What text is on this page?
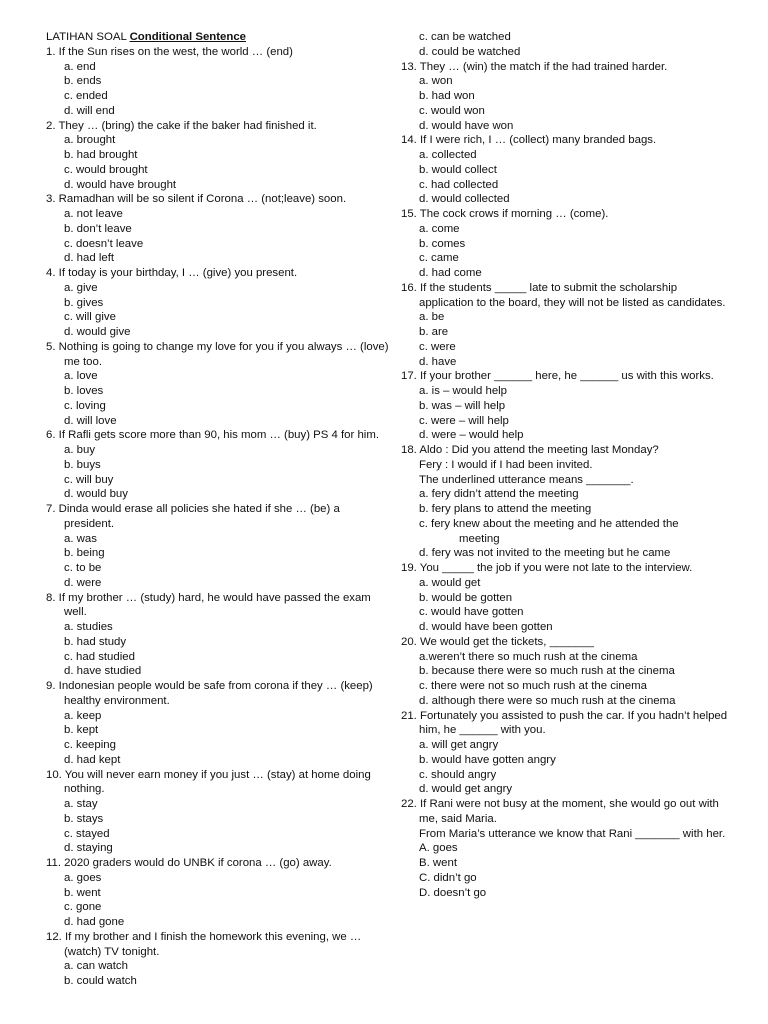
LATIHAN SOAL Conditional Sentence
1. If the Sun rises on the west, the world … (end)
a. end
b. ends
c. ended
d. will end
2. They … (bring) the cake if the baker had finished it.
a. brought
b. had brought
c. would brought
d. would have brought
3. Ramadhan will be so silent if Corona … (not;leave) soon.
a. not leave
b. don’t leave
c. doesn’t leave
d. had left
4. If today is your birthday, I … (give) you present.
a. give
b. gives
c. will give
d. would give
5. Nothing is going to change my love for you if you always … (love) me too.
a. love
b. loves
c. loving
d. will love
6. If Rafli gets score more than 90, his mom … (buy) PS 4 for him.
a. buy
b. buys
c. will buy
d. would buy
7. Dinda would erase all policies she hated if she … (be) a president.
a. was
b. being
c. to be
d. were
8. If my brother … (study) hard, he would have passed the exam well.
a. studies
b. had study
c. had studied
d. have studied
9. Indonesian people would be safe from corona if they … (keep) healthy environment.
a. keep
b. kept
c. keeping
d. had kept
10. You will never earn money if you just … (stay) at home doing nothing.
a. stay
b. stays
c. stayed
d. staying
11. 2020 graders would do UNBK if corona … (go) away.
a. goes
b. went
c. gone
d. had gone
12. If my brother and I finish the homework this evening, we … (watch) TV tonight.
a. can watch
b. could watch
c. can be watched
d. could be watched
13. They … (win) the match if the had trained harder.
a. won
b. had won
c. would won
d. would have won
14. If I were rich, I … (collect) many branded bags.
a. collected
b. would collect
c. had collected
d. would collected
15. The cock crows if morning … (come).
a. come
b. comes
c. came
d. had come
16. If the students _____ late to submit the scholarship application to the board, they will not be listed as candidates.
a. be
b. are
c. were
d. have
17. If your brother ______ here, he ______ us with this works.
a. is – would help
b. was – will help
c. were – will help
d. were – would help
18. Aldo : Did you attend the meeting last Monday?
Fery : I would if I had been invited.
The underlined utterance means _______.
a. fery didn’t attend the meeting
b. fery plans to attend the meeting
c. fery knew about the meeting and he attended the
meeting
d. fery was not invited to the meeting but he came
19. You _____ the job if you were not late to the interview.
a. would get
b. would be gotten
c. would have gotten
d. would have been gotten
20. We would get the tickets, _______
a.weren’t there so much rush at the cinema
b. because there were so much rush at the cinema
c. there were not so much rush at the cinema
d. although there were so much rush at the cinema
21. Fortunately you assisted to push the car. If you hadn’t helped him, he ______ with you.
a. will get angry
b. would have gotten angry
c. should angry
d. would get angry
22. If Rani were not busy at the moment, she would go out with me, said Maria.
From Maria’s utterance we know that Rani _______ with her.
A. goes
B. went
C. didn’t go
D. doesn’t go
